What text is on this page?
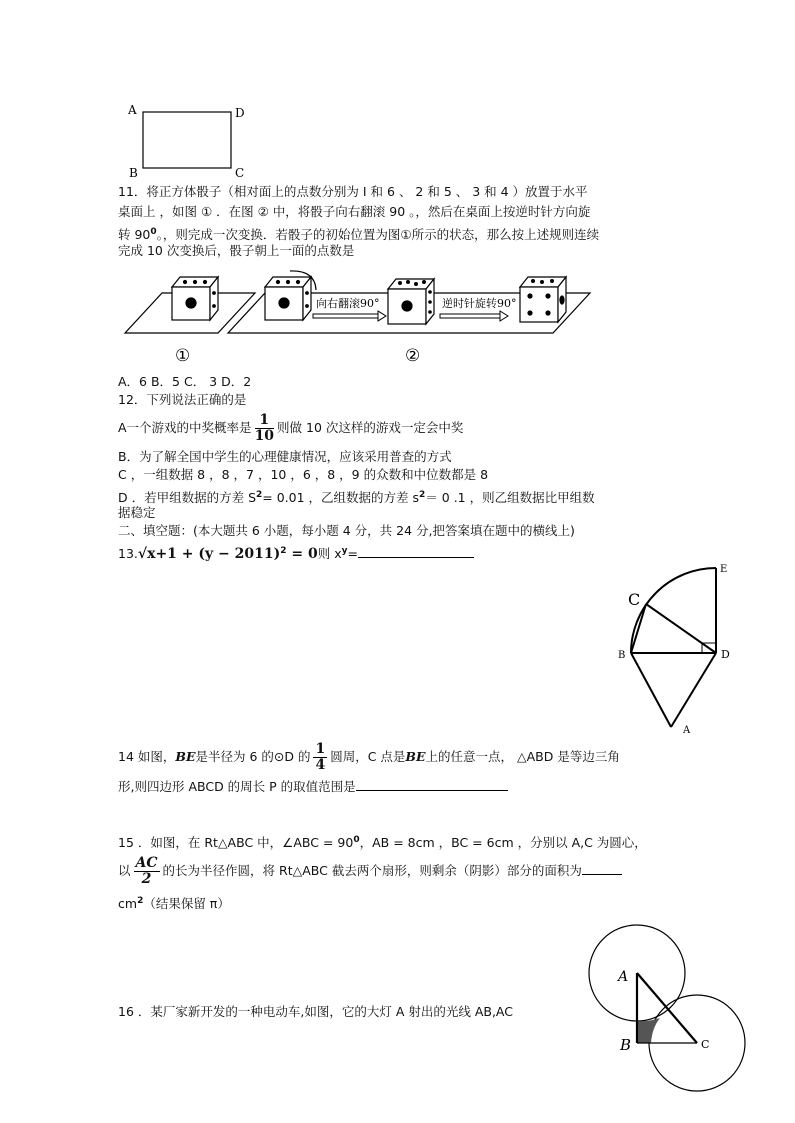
A	D
B	C
11．将正方体骰子（相对面上的点数分别为 I 和 6 、 2 和 5 、 3 和 4 ）放置于水平
桌面上 ，如图 ① ．在图 ② 中，将骰子向右翻滚 90 。，然后在桌面上按逆时针方向旋
转 $90^0$。，则完成一次变换．若骰子的初始位置为图①所示的状态，那么按上述规则连续
完成 10 次变换后，骰子朝上一面的点数是
向右翻滚90°	逆时针旋转90°
①	②
A．6 B．5 C． 3 D．2
12．下列说法正确的是
A一个游戏的中奖概率是 $\frac{1}{10}$ 则做 10 次这样的游戏一定会中奖
B．为了解全国中学生的心理健康情况，应该采用普查的方式
C ，一组数据 8 ，8 ，7 ，10 ，6 ，8 ，9 的众数和中位数都是 8
D ．若甲组数据的方差 $S^2= 0.01$ ，乙组数据的方差 $s^2= 0$ .1 ，则乙组数据比甲组数
据稳定
二、填空题：(本大题共 6 小题，每小题 4 分，共 24 分,把答案填在题中的横线上)
$13.√x+1 + (y - 2011)^2 = 0$则 $x^y=$
C
E
B	D
A
14 如图，BE是半径为 6 的⊙D 的 $\frac{1}{4}$ 圆周，C 点是BE上的任意一点， △ABD 是等边三角
形,则四边形 ABCD 的周长 P 的取值范围是
15 ．如图，在 Rt△ABC 中，∠ABC = $90^0$，AB = 8cm ，BC = 6cm ，分别以 A,C 为圆心，
以 $\frac{AC}{2}$ 的长为半径作圆，将 Rt△ABC 截去两个扇形，则剩余（阴影）部分的面积为
$cm^2$（结果保留 π）
A
B	C
16 ．某厂家新开发的一种电动车,如图，它的大灯 A 射出的光线 AB,AC
